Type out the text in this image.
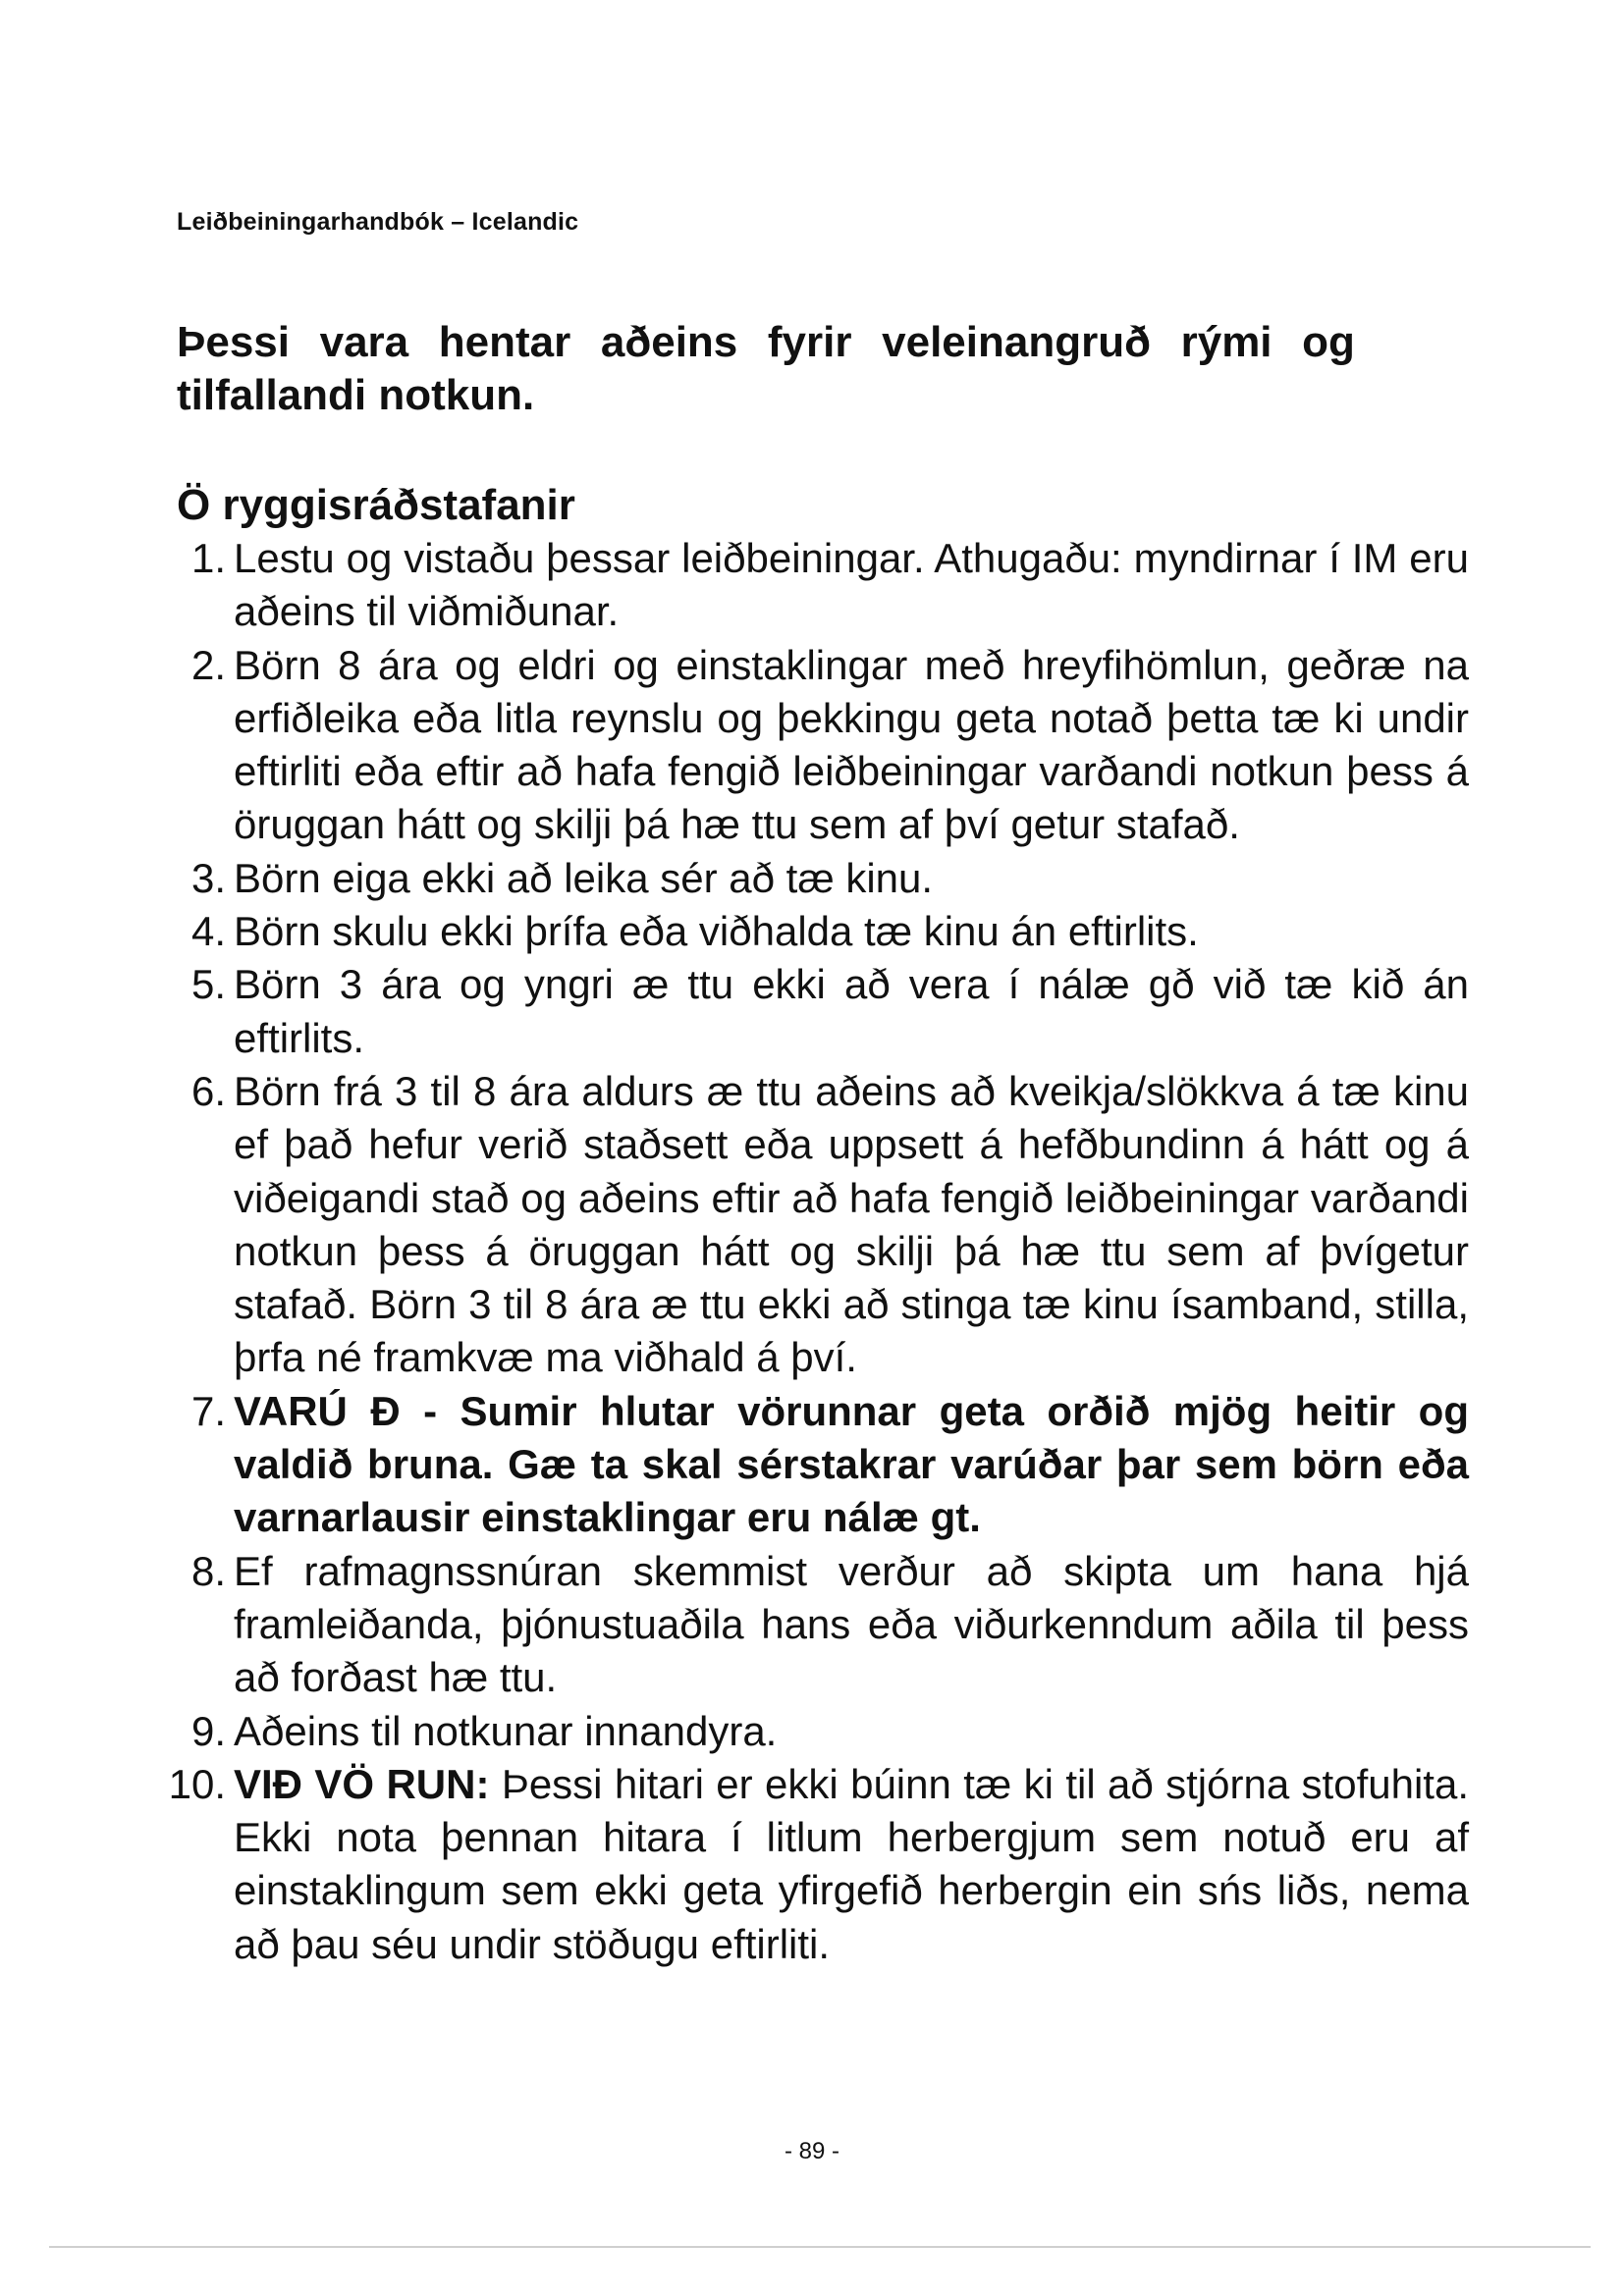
Leiðbeiningarhandbók – Icelandic
Þessi vara hentar aðeins fyrir veleinangruð rými og
tilfallandi notkun.
Ö ryggisráðstafanir
1 . Lestu og vistaðu þessar leiðbeiningar. Athugaðu: myndirnar í IM eru aðeins til viðmiðunar.
2 . Börn 8 ára og eldri og einstaklingar með hreyfihömlun, geðræ na erfiðleika eða litla reynslu og þekkingu geta notað þetta tæ ki undir eftirliti eða eftir að hafa fengið leiðbeiningar varðandi notkun þess á öruggan hátt og skilji þá hæ ttu sem af því getur stafað.
3 . Börn eiga ekki að leika sér að tæ kinu.
4 . Börn skulu ekki þrífa eða viðhalda tæ kinu án eftirlits.
5 . Börn 3 ára og yngri æ ttu ekki að vera í nálæ gð við tæ kið án eftirlits.
6 . Börn frá 3 til 8 ára aldurs æ ttu aðeins að kveikja/slökkva á tæ kinu ef það hefur verið staðsett eða uppsett á hefðbundinn á hátt og á viðeigandi stað og aðeins eftir að hafa fengið leiðbeiningar varðandi notkun þess á öruggan hátt og skilji þá hæ ttu sem af þvígetur stafað. Börn 3 til 8 ára æ ttu ekki að stinga tæ kinu ísamband, stilla, þrfa né framkvæ ma viðhald á því.
7 . VARÚ Ð - Sumir hlutar vörunnar geta orðið mjög heitir og valdið bruna. Gæ ta skal sérstakrar varúðar þar sem börn eða varnarlausir einstaklingar eru nálæ gt.
8 . Ef rafmagnssnúran skemmist verður að skipta um hana hjá framleiðanda, þjónustuaðila hans eða viðurkenndum aðila til þess að forðast hæ ttu.
9 . Aðeins til notkunar innandyra.
10 . VIÐ VÖ RUN: Þessi hitari er ekki búinn tæ ki til að stjórna stofuhita. Ekki nota þennan hitara í litlum herbergjum sem notuð eru af einstaklingum sem ekki geta yfirgefið herbergin ein sńs liðs, nema að þau séu undir stöðugu eftirliti.
- 89 -
